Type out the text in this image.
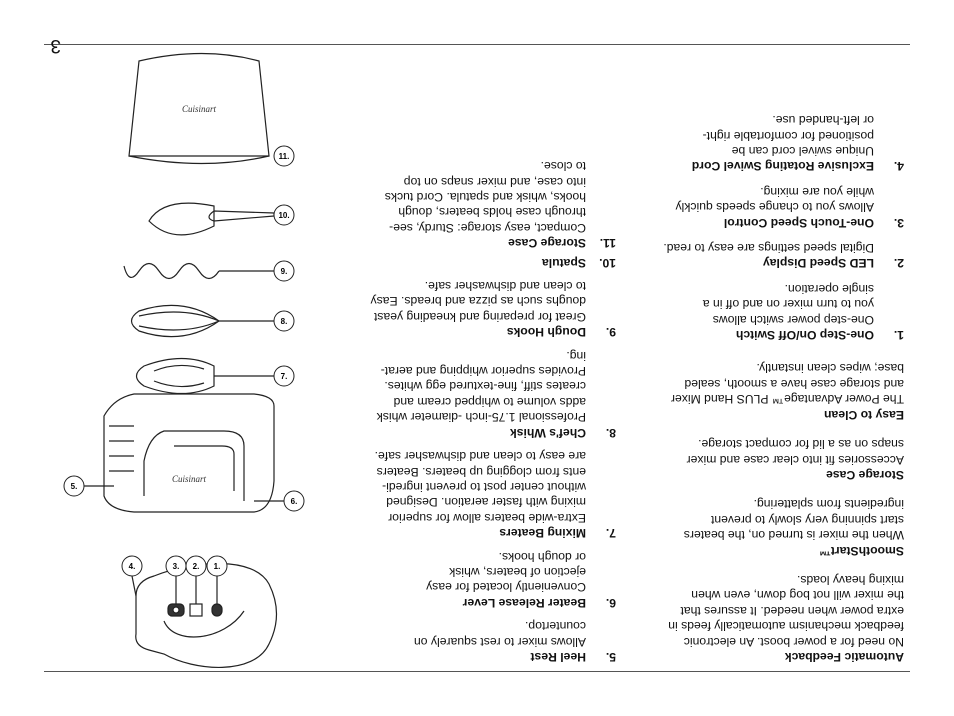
3

Automatic Feedback

No need for a power boost. An electronic
feedback mechanism automatically feeds in
extra power when needed. It assures that
the mixer will not bog down, even when
mixing heavy loads.

SmoothStart™

When the mixer is turned on, the beaters
start spinning very slowly to prevent
ingredients from splattering.

Storage Case

Accessories fit into clear case and mixer
snaps on as a lid for compact storage.

Easy to Clean

The Power Advantage™ PLUS Hand Mixer
and storage case have a smooth, sealed
base; wipes clean instantly.

1.
One-Step On/Off Switch

One-step power switch allows
you to turn mixer on and off in a
single operation.

2.
LED Speed Display

Digital speed settings are easy to read.

3.
One-Touch Speed Control

Allows you to change speeds quickly
while you are mixing.

4.
Exclusive Rotating Swivel Cord

Unique swivel cord can be
positioned for comfortable right-
or left-handed use.

5.
Heel Rest

Allows mixer to rest squarely on
countertop.

6.
Beater Release Lever

Conveniently located for easy
ejection of beaters, whisk
or dough hooks.

7.
Mixing Beaters

Extra-wide beaters allow for superior
mixing with faster aeration. Designed
without center post to prevent ingredi-
ents from clogging up beaters. Beaters
are easy to clean and dishwasher safe.

8.
Chef's Whisk

Professional 1.75-inch -diameter whisk
adds volume to whipped cream and
creates stiff, fine-textured egg whites.
Provides superior whipping and aerat-
ing.

9.
Dough Hooks

Great for preparing and kneading yeast
doughs such as pizza and breads. Easy
to clean and dishwasher safe.

10.
Spatula

11.
Storage Case

Compact, easy storage: Sturdy, see-
through case holds beaters, dough
hooks, whisk and spatula. Cord tucks
into case, and mixer snaps on top
to close.

1.
2.
3.
4.
5.
6.
7.
8.
9.
10.
11.
Cuisinart
Cuisinart
